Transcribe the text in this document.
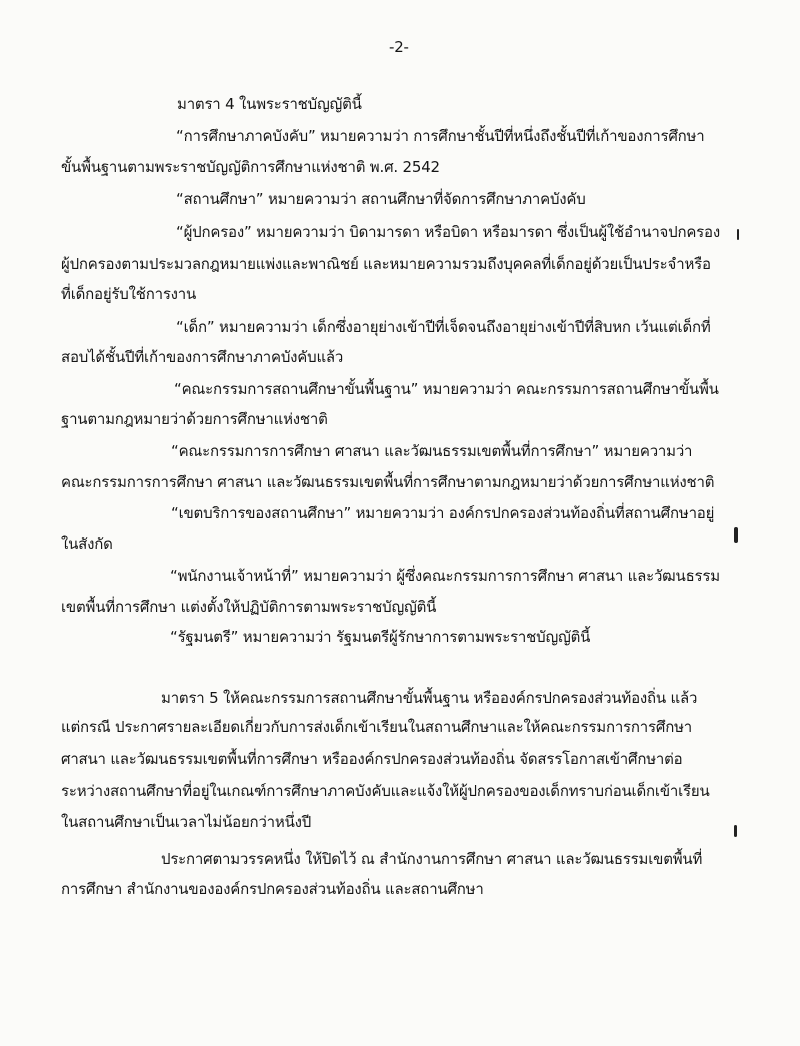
-2-
มาตรา 4 ในพระราชบัญญัตินี้
“การศึกษาภาคบังคับ” หมายความว่า การศึกษาชั้นปีที่หนึ่งถึงชั้นปีที่เก้าของการศึกษา
ขั้นพื้นฐานตามพระราชบัญญัติการศึกษาแห่งชาติ พ.ศ. 2542
“สถานศึกษา” หมายความว่า สถานศึกษาที่จัดการศึกษาภาคบังคับ
“ผู้ปกครอง” หมายความว่า บิดามารดา หรือบิดา หรือมารดา ซึ่งเป็นผู้ใช้อำนาจปกครอง
ผู้ปกครองตามประมวลกฎหมายแพ่งและพาณิชย์ และหมายความรวมถึงบุคคลที่เด็กอยู่ด้วยเป็นประจำหรือ
ที่เด็กอยู่รับใช้การงาน
“เด็ก” หมายความว่า เด็กซึ่งอายุย่างเข้าปีที่เจ็ดจนถึงอายุย่างเข้าปีที่สิบหก เว้นแต่เด็กที่
สอบได้ชั้นปีที่เก้าของการศึกษาภาคบังคับแล้ว
“คณะกรรมการสถานศึกษาขั้นพื้นฐาน” หมายความว่า คณะกรรมการสถานศึกษาขั้นพื้น
ฐานตามกฎหมายว่าด้วยการศึกษาแห่งชาติ
“คณะกรรมการการศึกษา ศาสนา และวัฒนธรรมเขตพื้นที่การศึกษา” หมายความว่า
คณะกรรมการการศึกษา ศาสนา และวัฒนธรรมเขตพื้นที่การศึกษาตามกฎหมายว่าด้วยการศึกษาแห่งชาติ
“เขตบริการของสถานศึกษา” หมายความว่า องค์กรปกครองส่วนท้องถิ่นที่สถานศึกษาอยู่
ในสังกัด
“พนักงานเจ้าหน้าที่” หมายความว่า ผู้ซึ่งคณะกรรมการการศึกษา ศาสนา และวัฒนธรรม
เขตพื้นที่การศึกษา แต่งตั้งให้ปฏิบัติการตามพระราชบัญญัตินี้
“รัฐมนตรี” หมายความว่า รัฐมนตรีผู้รักษาการตามพระราชบัญญัตินี้
มาตรา 5 ให้คณะกรรมการสถานศึกษาขั้นพื้นฐาน หรือองค์กรปกครองส่วนท้องถิ่น แล้ว
แต่กรณี ประกาศรายละเอียดเกี่ยวกับการส่งเด็กเข้าเรียนในสถานศึกษาและให้คณะกรรมการการศึกษา
ศาสนา และวัฒนธรรมเขตพื้นที่การศึกษา หรือองค์กรปกครองส่วนท้องถิ่น จัดสรรโอกาสเข้าศึกษาต่อ
ระหว่างสถานศึกษาที่อยู่ในเกณฑ์การศึกษาภาคบังคับและแจ้งให้ผู้ปกครองของเด็กทราบก่อนเด็กเข้าเรียน
ในสถานศึกษาเป็นเวลาไม่น้อยกว่าหนึ่งปี
ประกาศตามวรรคหนึ่ง ให้ปิดไว้ ณ สำนักงานการศึกษา ศาสนา และวัฒนธรรมเขตพื้นที่
การศึกษา สำนักงานขององค์กรปกครองส่วนท้องถิ่น และสถานศึกษา
